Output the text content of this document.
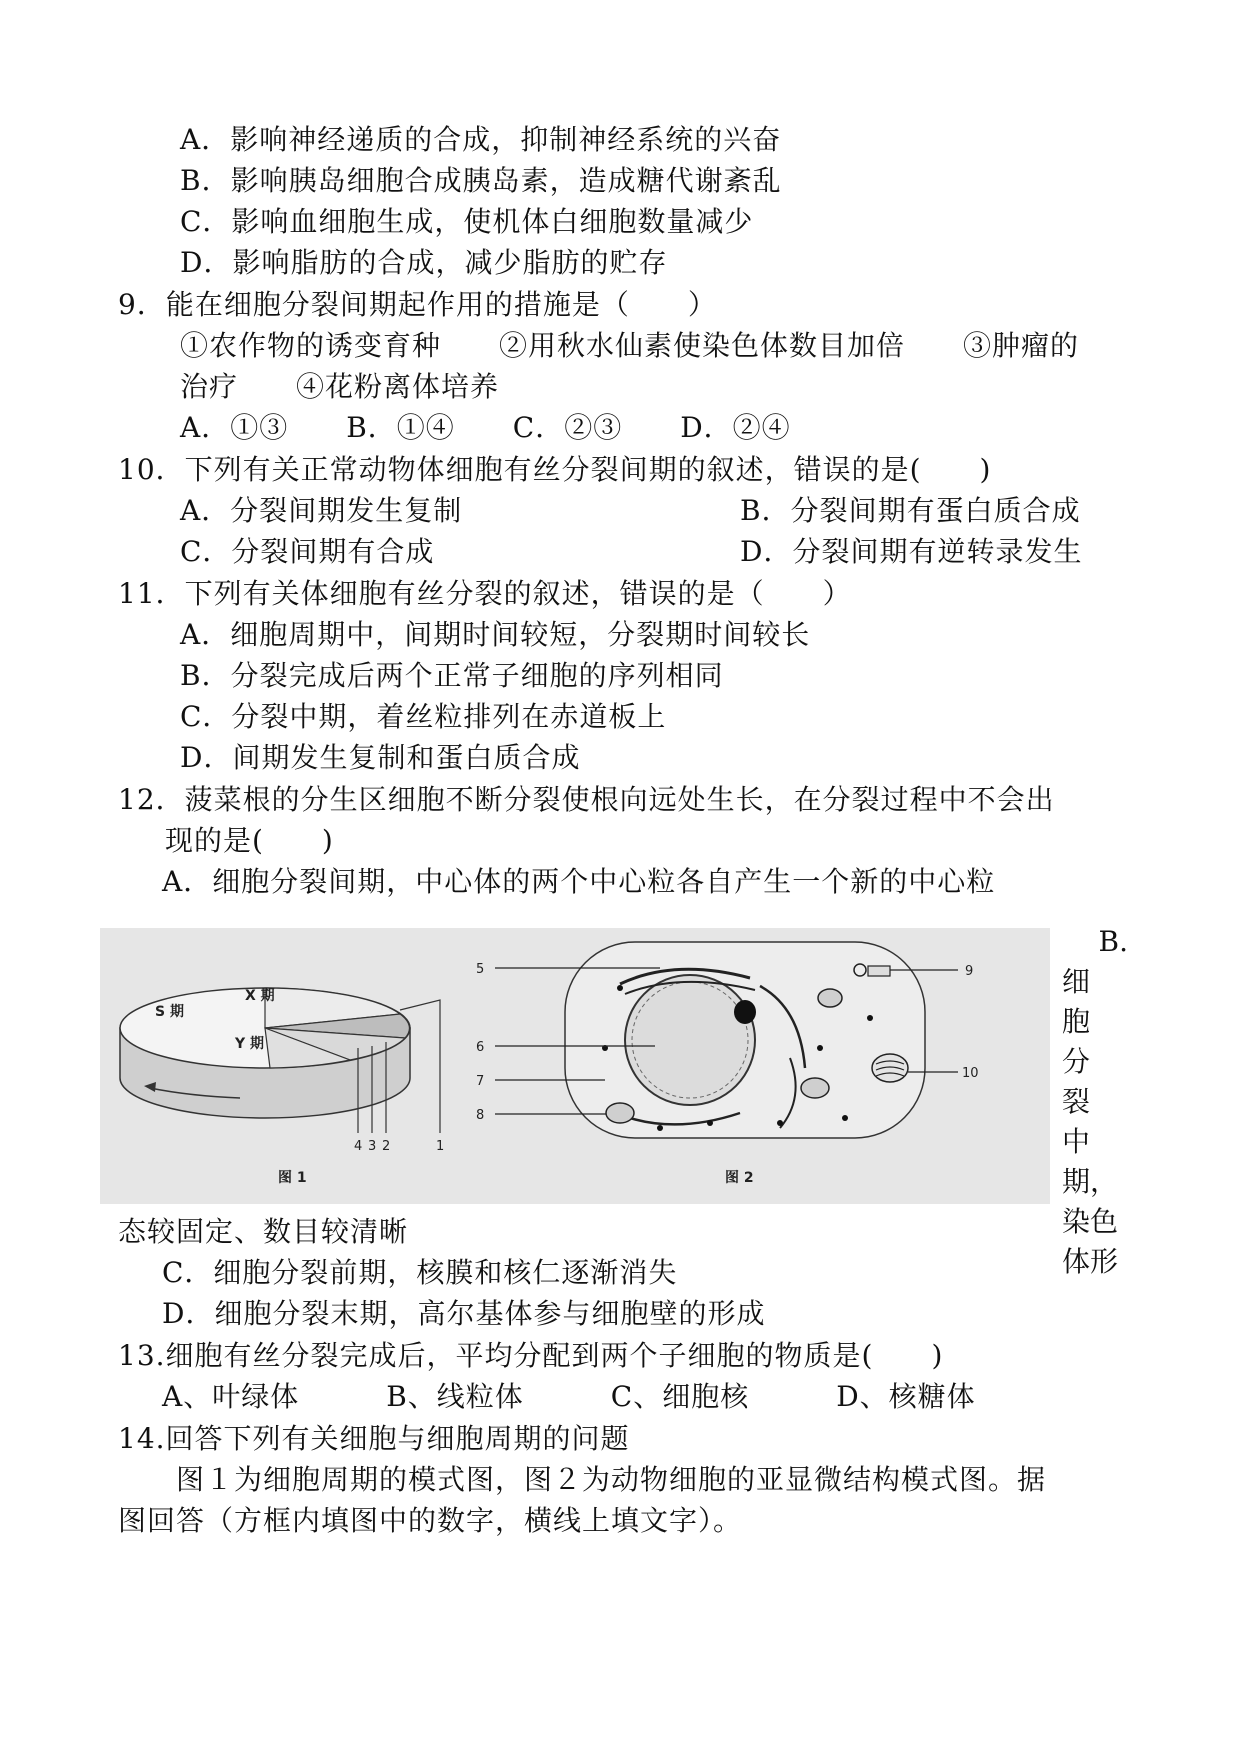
A．影响神经递质的合成，抑制神经系统的兴奋
B．影响胰岛细胞合成胰岛素，造成糖代谢紊乱
C．影响血细胞生成，使机体白细胞数量减少
D．影响脂肪的合成，减少脂肪的贮存
9．能在细胞分裂间期起作用的措施是（　　）
①农作物的诱变育种　　②用秋水仙素使染色体数目加倍　　③肿瘤的
治疗　　④花粉离体培养
A．①③　　B．①④　　C．②③　　D．②④
10．下列有关正常动物体细胞有丝分裂间期的叙述，错误的是(　　)
A．分裂间期发生复制	B．分裂间期有蛋白质合成
C．分裂间期有合成	D．分裂间期有逆转录发生
11．下列有关体细胞有丝分裂的叙述，错误的是（　　）
A．细胞周期中，间期时间较短，分裂期时间较长
B．分裂完成后两个正常子细胞的序列相同
C．分裂中期，着丝粒排列在赤道板上
D．间期发生复制和蛋白质合成
12．菠菜根的分生区细胞不断分裂使根向远处生长，在分裂过程中不会出
现的是(　　)
A．细胞分裂间期，中心体的两个中心粒各自产生一个新的中心粒
S 期
X 期
Y 期
4 3 2	1
图 1
5
6
7
8
9
10
图 2
B.
细
胞
分
裂
中
期，
染色
体形
态较固定、数目较清晰
C．细胞分裂前期，核膜和核仁逐渐消失
D．细胞分裂末期，高尔基体参与细胞壁的形成
13.细胞有丝分裂完成后，平均分配到两个子细胞的物质是(　　)
A、叶绿体　　　B、线粒体　　　C、细胞核　　　D、核糖体
14.回答下列有关细胞与细胞周期的问题
　　图１为细胞周期的模式图，图２为动物细胞的亚显微结构模式图。据
图回答（方框内填图中的数字，横线上填文字）。
